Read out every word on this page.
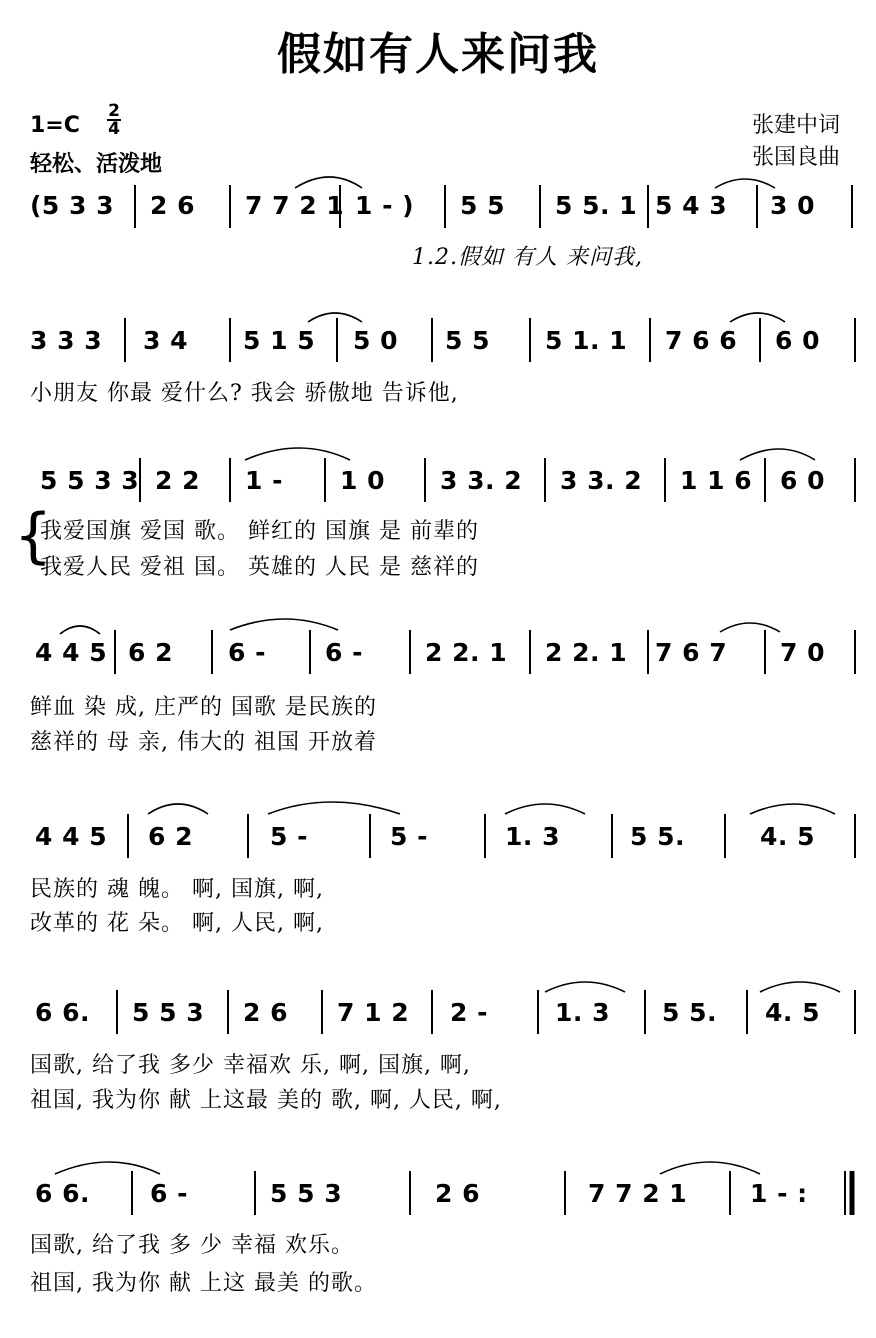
假如有人来问我
1=C
2
4
轻松、活泼地
张建中词
张国良曲
(5 3 3 2 6 7 7 2 1 1 - ) 5 5 5 5. 1 5 4 3 3 0
1.2.假如 有人 来问我,
3 3 3 3 4 5 1 5 5 0 5 5 5 1. 1 7 6 6 6 0
小朋友 你最 爱什么? 我会 骄傲地 告诉他,
5 5 3 3 2 2 1 - 1 0 3 3. 2 3 3. 2 1 1 6 6 0
{
我爱国旗 爱国 歌。 鲜红的 国旗 是 前辈的
我爱人民 爱祖 国。 英雄的 人民 是 慈祥的
4 4 5 6 2 6 - 6 - 2 2. 1 2 2. 1 7 6 7 7 0
鲜血 染 成, 庄严的 国歌 是民族的
慈祥的 母 亲, 伟大的 祖国 开放着
4 4 5 6 2	5 -	5 -	1. 3	5 5.	4. 5
民族的 魂 魄。 啊, 国旗, 啊,
改革的 花 朵。 啊, 人民, 啊,
6 6. 5 5 3 2 6 7 1 2 2 -	1. 3 5 5. 4. 5
国歌, 给了我 多少 幸福欢 乐, 啊, 国旗, 啊,
祖国, 我为你 献 上这最 美的 歌, 啊, 人民, 啊,
6 6. 6 -	5 5 3	2 6	7 7 2 1	1 - :
国歌, 给了我 多 少 幸福 欢乐。
祖国, 我为你 献 上这 最美 的歌。
